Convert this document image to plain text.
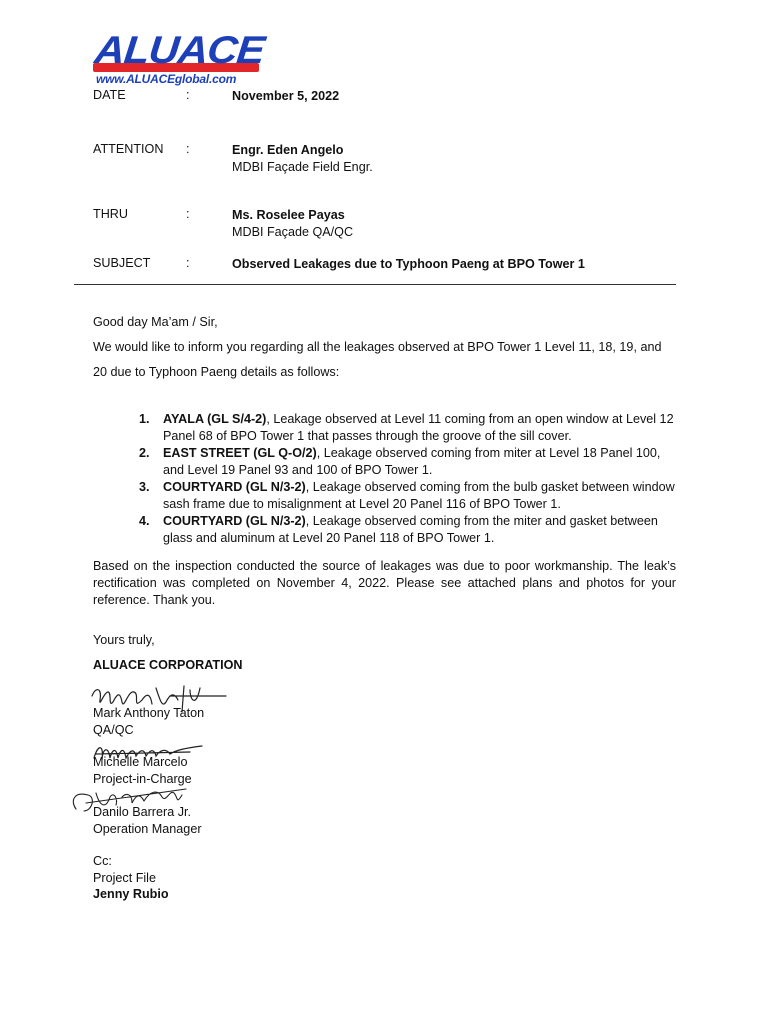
ALUACE
www.ALUACEglobal.com
DATE	:	November 5, 2022
ATTENTION :	Engr. Eden Angelo
MDBI Façade Field Engr.
THRU	:	Ms. Roselee Payas
MDBI Façade QA/QC
SUBJECT	:	Observed Leakages due to Typhoon Paeng at BPO Tower 1
Good day Ma’am / Sir,
We would like to inform you regarding all the leakages observed at BPO Tower 1 Level 11, 18, 19, and
20 due to Typhoon Paeng details as follows:
1. AYALA (GL S/4-2), Leakage observed at Level 11 coming from an open window at Level 12 Panel 68 of BPO Tower 1 that passes through the groove of the sill cover.
2. EAST STREET (GL Q-O/2), Leakage observed coming from miter at Level 18 Panel 100, and Level 19 Panel 93 and 100 of BPO Tower 1.
3. COURTYARD (GL N/3-2), Leakage observed coming from the bulb gasket between window sash frame due to misalignment at Level 20 Panel 116 of BPO Tower 1.
4. COURTYARD (GL N/3-2), Leakage observed coming from the miter and gasket between glass and aluminum at Level 20 Panel 118 of BPO Tower 1.
Based on the inspection conducted the source of leakages was due to poor workmanship. The leak’s rectification was completed on November 4, 2022. Please see attached plans and photos for your reference. Thank you.
Yours truly,
ALUACE CORPORATION
Mark Anthony Taton
QA/QC
Michelle Marcelo
Project-in-Charge
Danilo Barrera Jr.
Operation Manager
Cc:
Project File
Jenny Rubio
